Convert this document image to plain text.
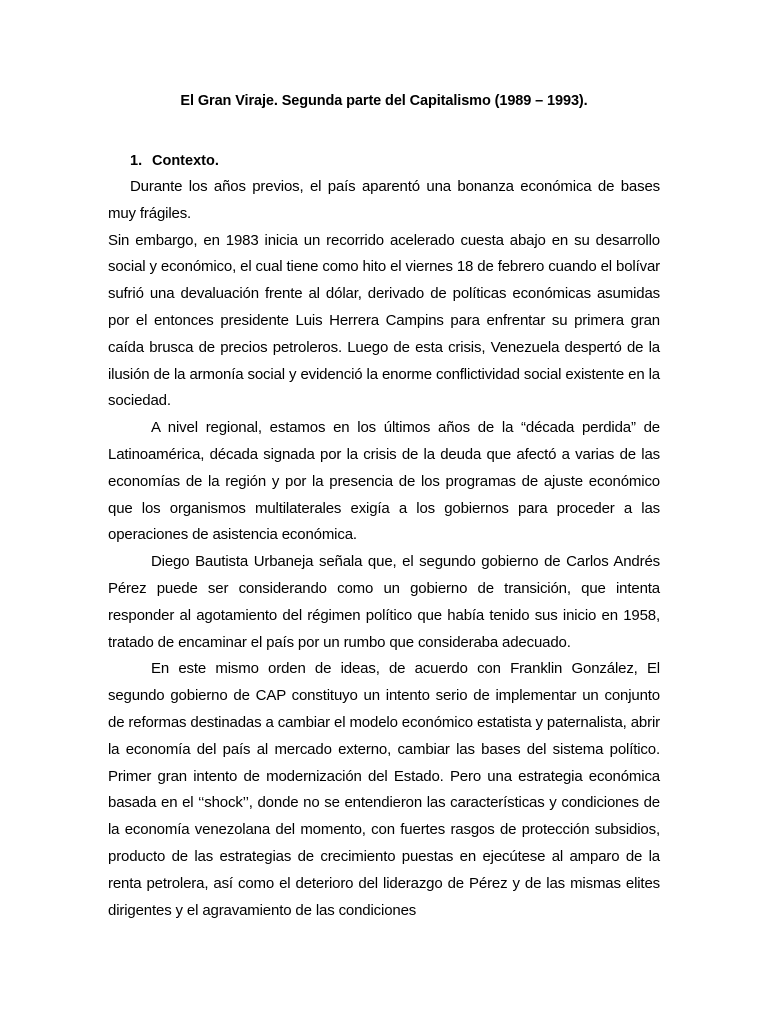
El Gran Viraje. Segunda parte del Capitalismo (1989 – 1993).

1. Contexto.

Durante los años previos, el país aparentó una bonanza económica de bases muy frágiles.

Sin embargo, en 1983 inicia un recorrido acelerado cuesta abajo en su desarrollo social y económico, el cual tiene como hito el viernes 18 de febrero cuando el bolívar sufrió una devaluación frente al dólar, derivado de políticas económicas asumidas por el entonces presidente Luis Herrera Campins para enfrentar su primera gran caída brusca de precios petroleros. Luego de esta crisis, Venezuela despertó de la ilusión de la armonía social y evidenció la enorme conflictividad social existente en la sociedad.

A nivel regional, estamos en los últimos años de la “década perdida” de Latinoamérica, década signada por la crisis de la deuda que afectó a varias de las economías de la región y por la presencia de los programas de ajuste económico que los organismos multilaterales exigía a los gobiernos para proceder a las operaciones de asistencia económica.

Diego Bautista Urbaneja señala que, el segundo gobierno de Carlos Andrés Pérez puede ser considerando como un gobierno de transición, que intenta responder al agotamiento del régimen político que había tenido sus inicio en 1958, tratado de encaminar el país por un rumbo que consideraba adecuado.

En este mismo orden de ideas, de acuerdo con Franklin González, El segundo gobierno de CAP constituyo un intento serio de implementar un conjunto de reformas destinadas a cambiar el modelo económico estatista y paternalista, abrir la economía del país al mercado externo, cambiar las bases del sistema político. Primer gran intento de modernización del Estado. Pero una estrategia económica basada en el ‘‘shock’’, donde no se entendieron las características y condiciones de la economía venezolana del momento, con fuertes rasgos de protección subsidios, producto de las estrategias de crecimiento puestas en ejecútese al amparo de la renta petrolera, así como el deterioro del liderazgo de Pérez y de las mismas elites dirigentes y el agravamiento de las condiciones
